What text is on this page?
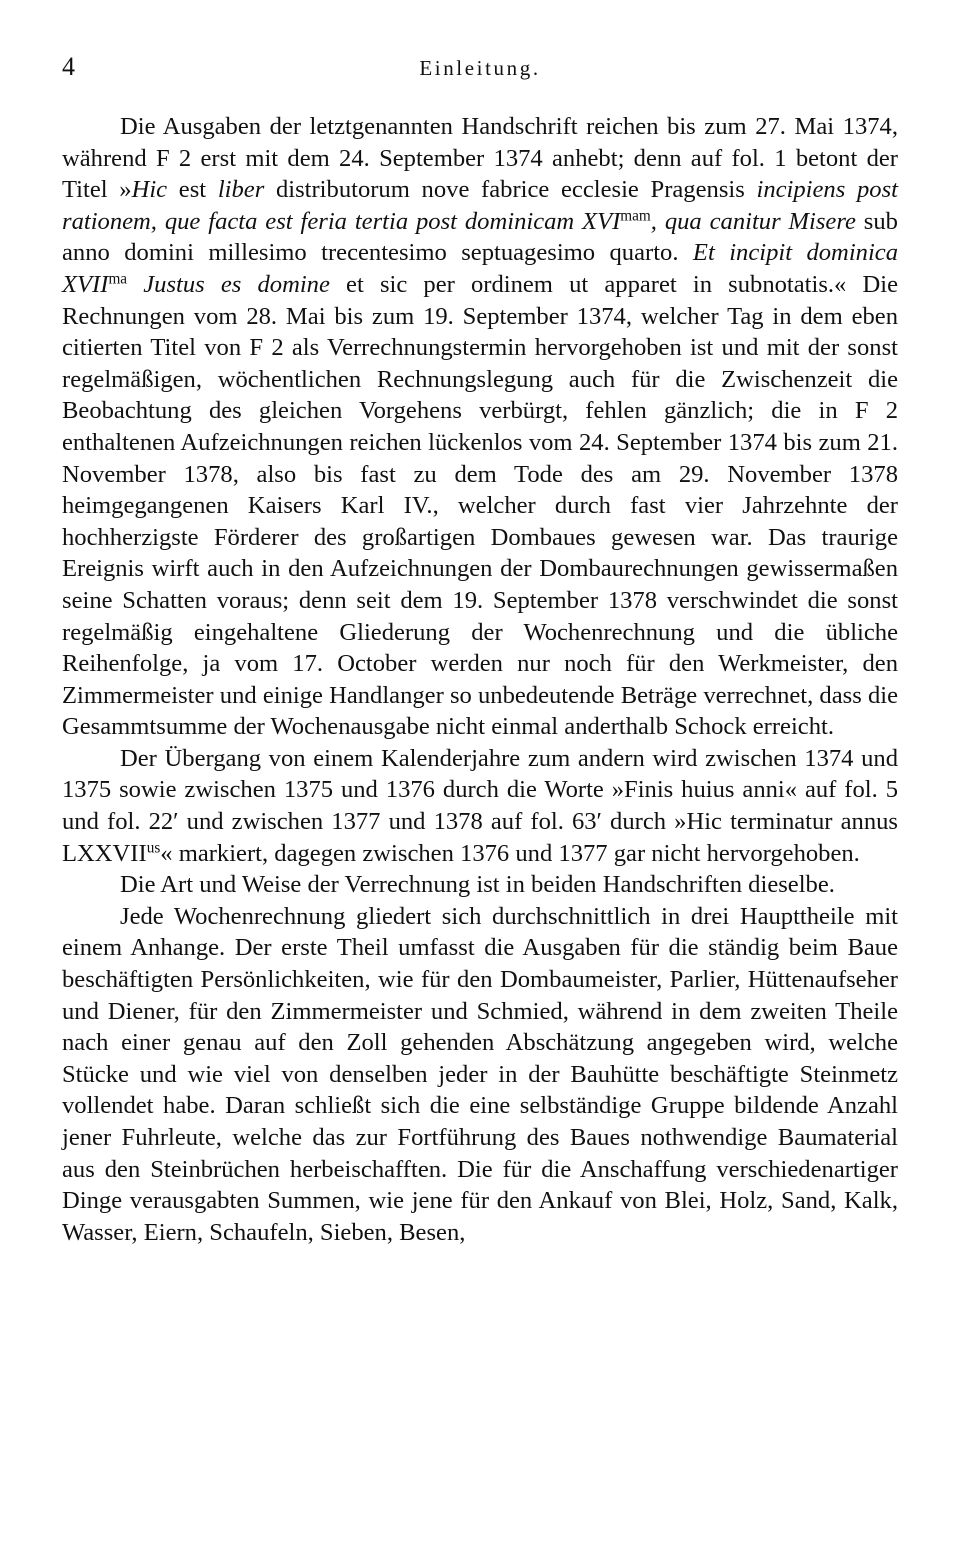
4	Einleitung.

Die Ausgaben der letztgenannten Handschrift reichen bis zum 27. Mai 1374, während F 2 erst mit dem 24. September 1374 anhebt; denn auf fol. 1 betont der Titel »Hic est liber distributorum nove fabrice ecclesie Pragensis incipiens post rationem, que facta est feria tertia post dominicam $XVI^{mam}$, qua canitur Misere sub anno domini millesimo trecentesimo septuagesimo quarto. Et incipit dominica $XVII^{ma}$ Justus es domine et sic per ordinem ut apparet in subnotatis.« Die Rechnungen vom 28. Mai bis zum 19. September 1374, welcher Tag in dem eben citierten Titel von F 2 als Verrechnungstermin hervorgehoben ist und mit der sonst regelmäßigen, wöchentlichen Rechnungslegung auch für die Zwischenzeit die Beobachtung des gleichen Vorgehens verbürgt, fehlen gänzlich; die in F 2 enthaltenen Aufzeichnungen reichen lückenlos vom 24. September 1374 bis zum 21. November 1378, also bis fast zu dem Tode des am 29. November 1378 heimgegangenen Kaisers Karl IV., welcher durch fast vier Jahrzehnte der hochherzigste Förderer des großartigen Dombaues gewesen war. Das traurige Ereignis wirft auch in den Aufzeichnungen der Dombaurechnungen gewissermaßen seine Schatten voraus; denn seit dem 19. September 1378 verschwindet die sonst regelmäßig eingehaltene Gliederung der Wochenrechnung und die übliche Reihenfolge, ja vom 17. October werden nur noch für den Werkmeister, den Zimmermeister und einige Handlanger so unbedeutende Beträge verrechnet, dass die Gesammtsumme der Wochenausgabe nicht einmal anderthalb Schock erreicht.

Der Übergang von einem Kalenderjahre zum andern wird zwischen 1374 und 1375 sowie zwischen 1375 und 1376 durch die Worte »Finis huius anni« auf fol. 5 und fol. 22′ und zwischen 1377 und 1378 auf fol. 63′ durch »Hic terminatur annus $LXXVII^{us}«$ markiert, dagegen zwischen 1376 und 1377 gar nicht hervorgehoben.

Die Art und Weise der Verrechnung ist in beiden Handschriften dieselbe.

Jede Wochenrechnung gliedert sich durchschnittlich in drei Haupttheile mit einem Anhange. Der erste Theil umfasst die Ausgaben für die ständig beim Baue beschäftigten Persönlichkeiten, wie für den Dombaumeister, Parlier, Hüttenaufseher und Diener, für den Zimmermeister und Schmied, während in dem zweiten Theile nach einer genau auf den Zoll gehenden Abschätzung angegeben wird, welche Stücke und wie viel von denselben jeder in der Bauhütte beschäftigte Steinmetz vollendet habe. Daran schließt sich die eine selbständige Gruppe bildende Anzahl jener Fuhrleute, welche das zur Fortführung des Baues nothwendige Baumaterial aus den Steinbrüchen herbeischafften. Die für die Anschaffung verschiedenartiger Dinge verausgabten Summen, wie jene für den Ankauf von Blei, Holz, Sand, Kalk, Wasser, Eiern, Schaufeln, Sieben, Besen,
